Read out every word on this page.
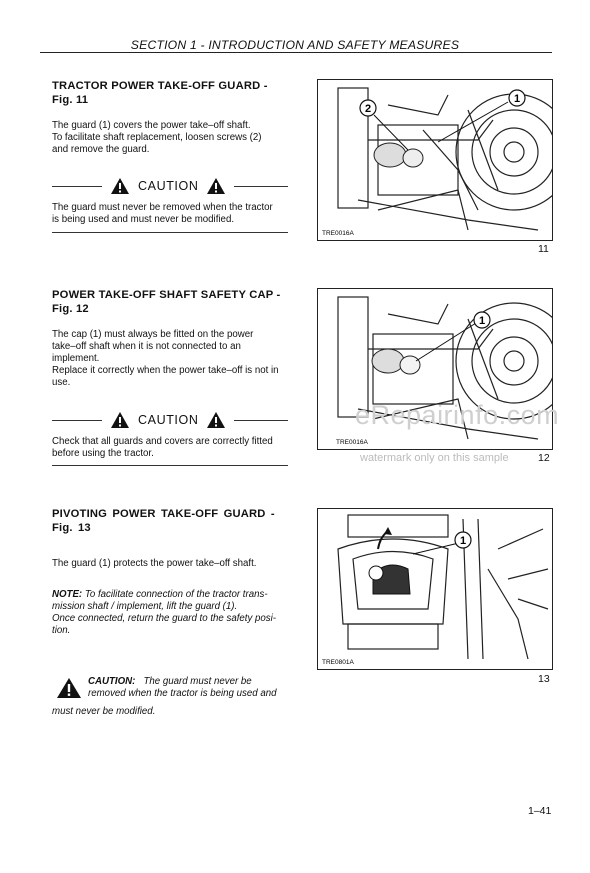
SECTION 1 - INTRODUCTION AND SAFETY MEASURES
TRACTOR POWER TAKE-OFF GUARD -
Fig. 11
The guard (1) covers the power take–off shaft.
To facilitate shaft replacement, loosen screws (2)
and remove the guard.
CAUTION
The guard must never be removed when the tractor
is being used and must never be modified.
2
1
TRE0016A
11
POWER TAKE-OFF SHAFT SAFETY CAP -
Fig. 12
The cap (1) must always be fitted on the power
take–off shaft when it is not connected to an
implement.
Replace it correctly when the power take–off is not in
use.
CAUTION
Check that all guards and covers are correctly fitted
before using the tractor.
1
TRE0016A
12
eRepairinfo.com
watermark only on this sample
PIVOTING POWER TAKE-OFF GUARD -
Fig. 13
The guard (1) protects the power take–off shaft.
NOTE: To facilitate connection of the tractor trans-
mission shaft / implement, lift the guard (1).
Once connected, return the guard to the safety posi-
tion.
CAUTION: The guard must never be
removed when the tractor is being used and
must never be modified.
1
TRE0801A
13
1–41
